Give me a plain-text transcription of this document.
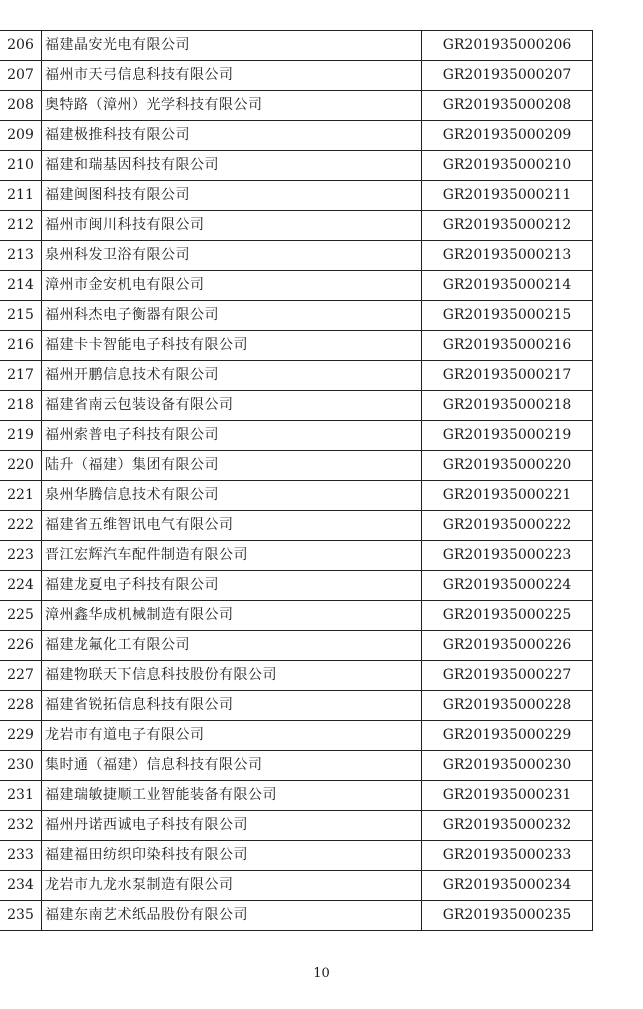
206	福建晶安光电有限公司	GR201935000206
207	福州市天弓信息科技有限公司	GR201935000207
208	奥特路（漳州）光学科技有限公司	GR201935000208
209	福建极推科技有限公司	GR201935000209
210	福建和瑞基因科技有限公司	GR201935000210
211	福建闽图科技有限公司	GR201935000211
212	福州市闽川科技有限公司	GR201935000212
213	泉州科发卫浴有限公司	GR201935000213
214	漳州市金安机电有限公司	GR201935000214
215	福州科杰电子衡器有限公司	GR201935000215
216	福建卡卡智能电子科技有限公司	GR201935000216
217	福州开鹏信息技术有限公司	GR201935000217
218	福建省南云包装设备有限公司	GR201935000218
219	福州索普电子科技有限公司	GR201935000219
220	陆升（福建）集团有限公司	GR201935000220
221	泉州华腾信息技术有限公司	GR201935000221
222	福建省五维智讯电气有限公司	GR201935000222
223	晋江宏辉汽车配件制造有限公司	GR201935000223
224	福建龙夏电子科技有限公司	GR201935000224
225	漳州鑫华成机械制造有限公司	GR201935000225
226	福建龙氟化工有限公司	GR201935000226
227	福建物联天下信息科技股份有限公司	GR201935000227
228	福建省锐拓信息科技有限公司	GR201935000228
229	龙岩市有道电子有限公司	GR201935000229
230	集时通（福建）信息科技有限公司	GR201935000230
231	福建瑞敏捷顺工业智能装备有限公司	GR201935000231
232	福州丹诺西诚电子科技有限公司	GR201935000232
233	福建福田纺织印染科技有限公司	GR201935000233
234	龙岩市九龙水泵制造有限公司	GR201935000234
235	福建东南艺术纸品股份有限公司	GR201935000235
10
